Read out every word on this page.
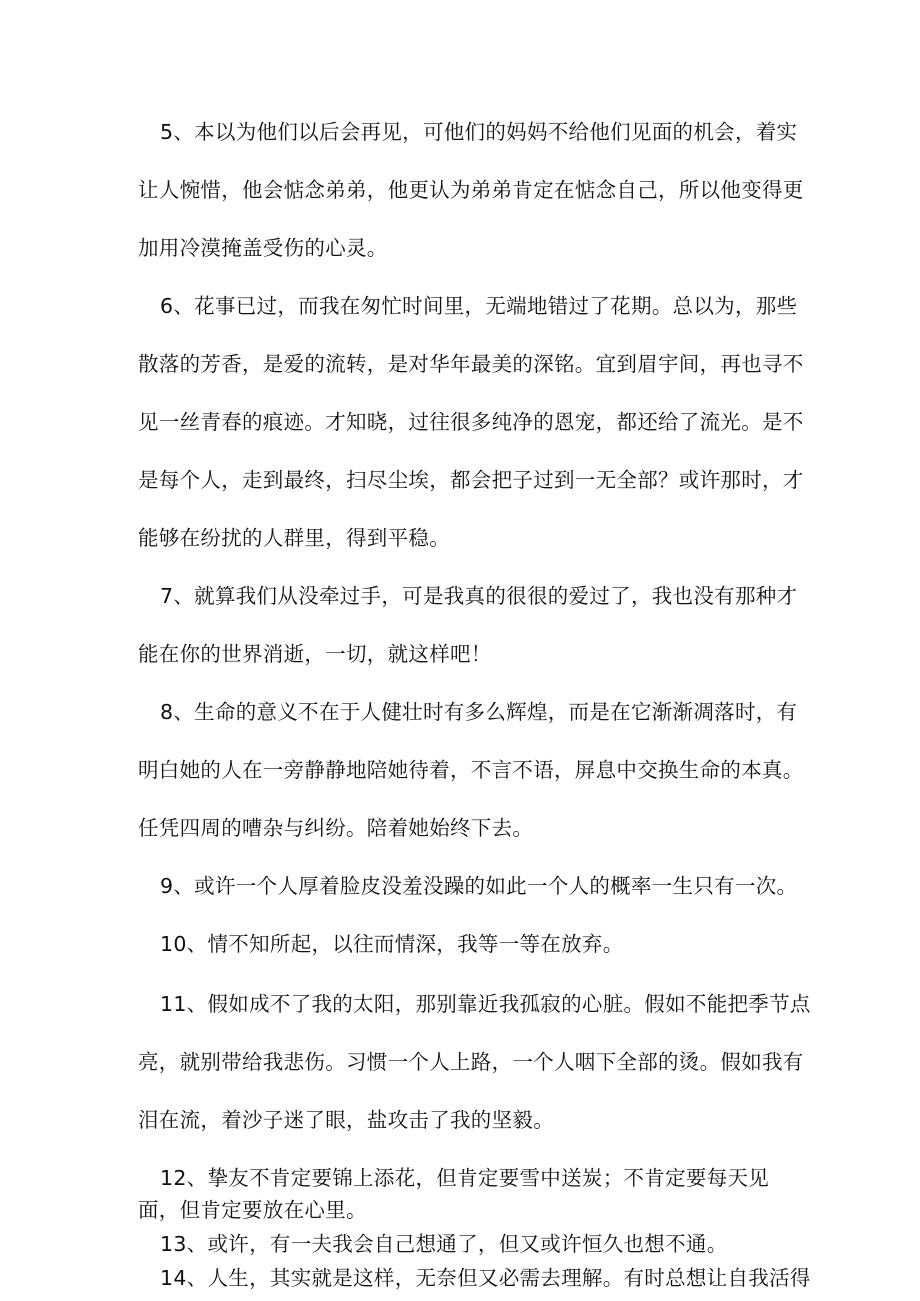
5、本以为他们以后会再见，可他们的妈妈不给他们见面的机会，着实
让人惋惜，他会惦念弟弟，他更认为弟弟肯定在惦念自己，所以他变得更
加用冷漠掩盖受伤的心灵。
6、花事已过，而我在匆忙时间里，无端地错过了花期。总以为，那些
散落的芳香，是爱的流转，是对华年最美的深铭。宜到眉宇间，再也寻不
见一丝青春的痕迹。才知晓，过往很多纯净的恩宠，都还给了流光。是不
是每个人，走到最终，扫尽尘埃，都会把子过到一无全部？或许那时，才
能够在纷扰的人群里，得到平稳。
7、就算我们从没牵过手，可是我真的很很的爱过了，我也没有那种才
能在你的世界消逝，一切，就这样吧！
8、生命的意义不在于人健壮时有多么辉煌，而是在它渐渐凋落时，有
明白她的人在一旁静静地陪她待着，不言不语，屏息中交换生命的本真。
任凭四周的嘈杂与纠纷。陪着她始终下去。
9、或许一个人厚着脸皮没羞没躁的如此一个人的概率一生只有一次。
10、情不知所起，以往而情深，我等一等在放弃。
11、假如成不了我的太阳，那别靠近我孤寂的心脏。假如不能把季节点
亮，就别带给我悲伤。习惯一个人上路，一个人咽下全部的烫。假如我有
泪在流，着沙子迷了眼，盐攻击了我的坚毅。
12、挚友不肯定要锦上添花，但肯定要雪中送炭；不肯定要每天见
面，但肯定要放在心里。
13、或许，有一夫我会自己想通了，但又或许恒久也想不通。
14、人生，其实就是这样，无奈但又必需去理解。有时总想让自我活得
